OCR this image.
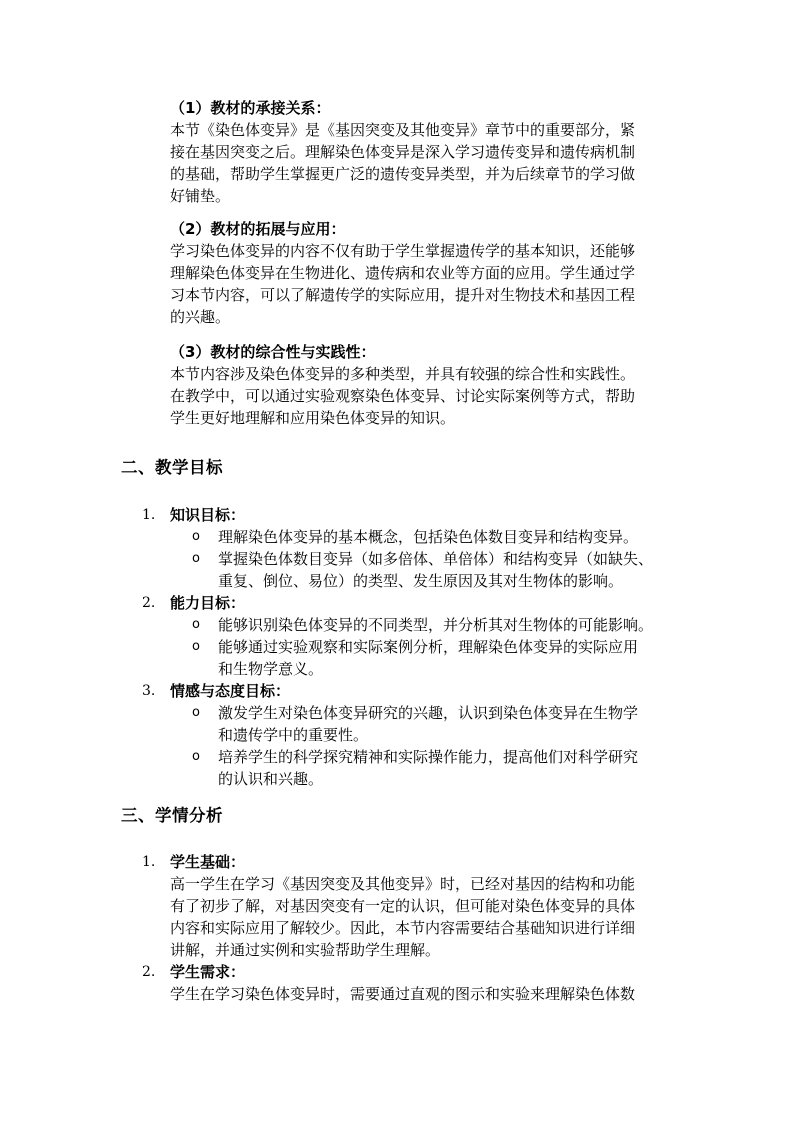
（1）教材的承接关系：
本节《染色体变异》是《基因突变及其他变异》章节中的重要部分，紧
接在基因突变之后。理解染色体变异是深入学习遗传变异和遗传病机制
的基础，帮助学生掌握更广泛的遗传变异类型，并为后续章节的学习做
好铺垫。
（2）教材的拓展与应用：
学习染色体变异的内容不仅有助于学生掌握遗传学的基本知识，还能够
理解染色体变异在生物进化、遗传病和农业等方面的应用。学生通过学
习本节内容，可以了解遗传学的实际应用，提升对生物技术和基因工程
的兴趣。
（3）教材的综合性与实践性：
本节内容涉及染色体变异的多种类型，并具有较强的综合性和实践性。
在教学中，可以通过实验观察染色体变异、讨论实际案例等方式，帮助
学生更好地理解和应用染色体变异的知识。
二、教学目标
1. 知识目标：
o 理解染色体变异的基本概念，包括染色体数目变异和结构变异。
o 掌握染色体数目变异（如多倍体、单倍体）和结构变异（如缺失、
重复、倒位、易位）的类型、发生原因及其对生物体的影响。
2. 能力目标：
o 能够识别染色体变异的不同类型，并分析其对生物体的可能影响。
o 能够通过实验观察和实际案例分析，理解染色体变异的实际应用
和生物学意义。
3. 情感与态度目标：
o 激发学生对染色体变异研究的兴趣，认识到染色体变异在生物学
和遗传学中的重要性。
o 培养学生的科学探究精神和实际操作能力，提高他们对科学研究
的认识和兴趣。
三、学情分析
1. 学生基础：
高一学生在学习《基因突变及其他变异》时，已经对基因的结构和功能
有了初步了解，对基因突变有一定的认识，但可能对染色体变异的具体
内容和实际应用了解较少。因此，本节内容需要结合基础知识进行详细
讲解，并通过实例和实验帮助学生理解。
2. 学生需求：
学生在学习染色体变异时，需要通过直观的图示和实验来理解染色体数
